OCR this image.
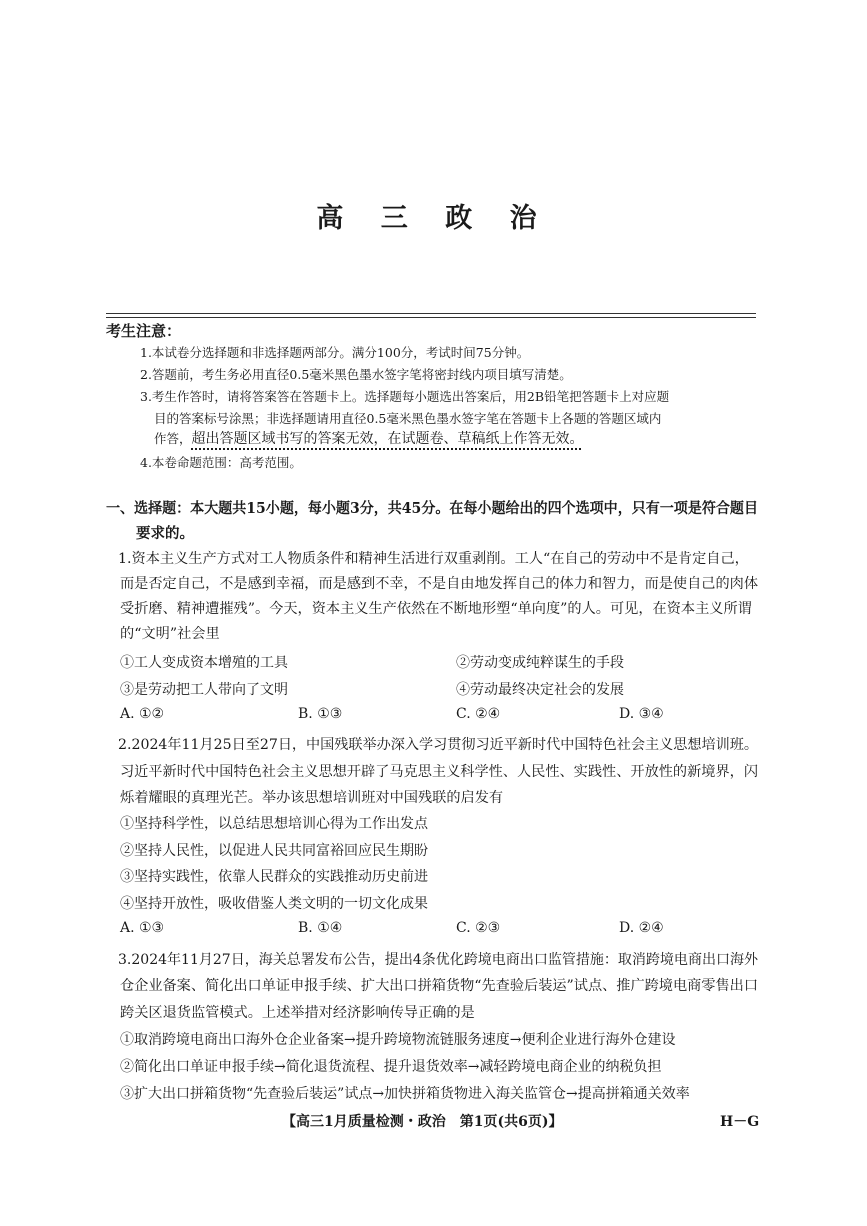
高 三 政 治
考生注意：
1.本试卷分选择题和非选择题两部分。满分100分，考试时间75分钟。
2.答题前，考生务必用直径0.5毫米黑色墨水签字笔将密封线内项目填写清楚。
3.考生作答时，请将答案答在答题卡上。选择题每小题选出答案后，用2B铅笔把答题卡上对应题
目的答案标号涂黑；非选择题请用直径0.5毫米黑色墨水签字笔在答题卡上各题的答题区域内
作答，超出答题区域书写的答案无效，在试题卷、草稿纸上作答无效。
4.本卷命题范围：高考范围。
一、选择题：本大题共15小题，每小题3分，共45分。在每小题给出的四个选项中，只有一项是符合题目
要求的。
1.资本主义生产方式对工人物质条件和精神生活进行双重剥削。工人“在自己的劳动中不是肯定自己，
而是否定自己，不是感到幸福，而是感到不幸，不是自由地发挥自己的体力和智力，而是使自己的肉体
受折磨、精神遭摧残”。今天，资本主义生产依然在不断地形塑“单向度”的人。可见，在资本主义所谓
的“文明”社会里
①工人变成资本增殖的工具	②劳动变成纯粹谋生的手段
③是劳动把工人带向了文明	④劳动最终决定社会的发展
A. ①②	B. ①③	C. ②④	D. ③④
2.2024年11月25日至27日，中国残联举办深入学习贯彻习近平新时代中国特色社会主义思想培训班。
习近平新时代中国特色社会主义思想开辟了马克思主义科学性、人民性、实践性、开放性的新境界，闪
烁着耀眼的真理光芒。举办该思想培训班对中国残联的启发有
①坚持科学性，以总结思想培训心得为工作出发点
②坚持人民性，以促进人民共同富裕回应民生期盼
③坚持实践性，依靠人民群众的实践推动历史前进
④坚持开放性，吸收借鉴人类文明的一切文化成果
A. ①③	B. ①④	C. ②③	D. ②④
3.2024年11月27日，海关总署发布公告，提出4条优化跨境电商出口监管措施：取消跨境电商出口海外
仓企业备案、简化出口单证申报手续、扩大出口拼箱货物“先查验后装运”试点、推广跨境电商零售出口
跨关区退货监管模式。上述举措对经济影响传导正确的是
①取消跨境电商出口海外仓企业备案→提升跨境物流链服务速度→便利企业进行海外仓建设
②简化出口单证申报手续→简化退货流程、提升退货效率→减轻跨境电商企业的纳税负担
③扩大出口拼箱货物“先查验后装运”试点→加快拼箱货物进入海关监管仓→提高拼箱通关效率
【高三1月质量检测・政治　第1页(共6页)】	H－G
